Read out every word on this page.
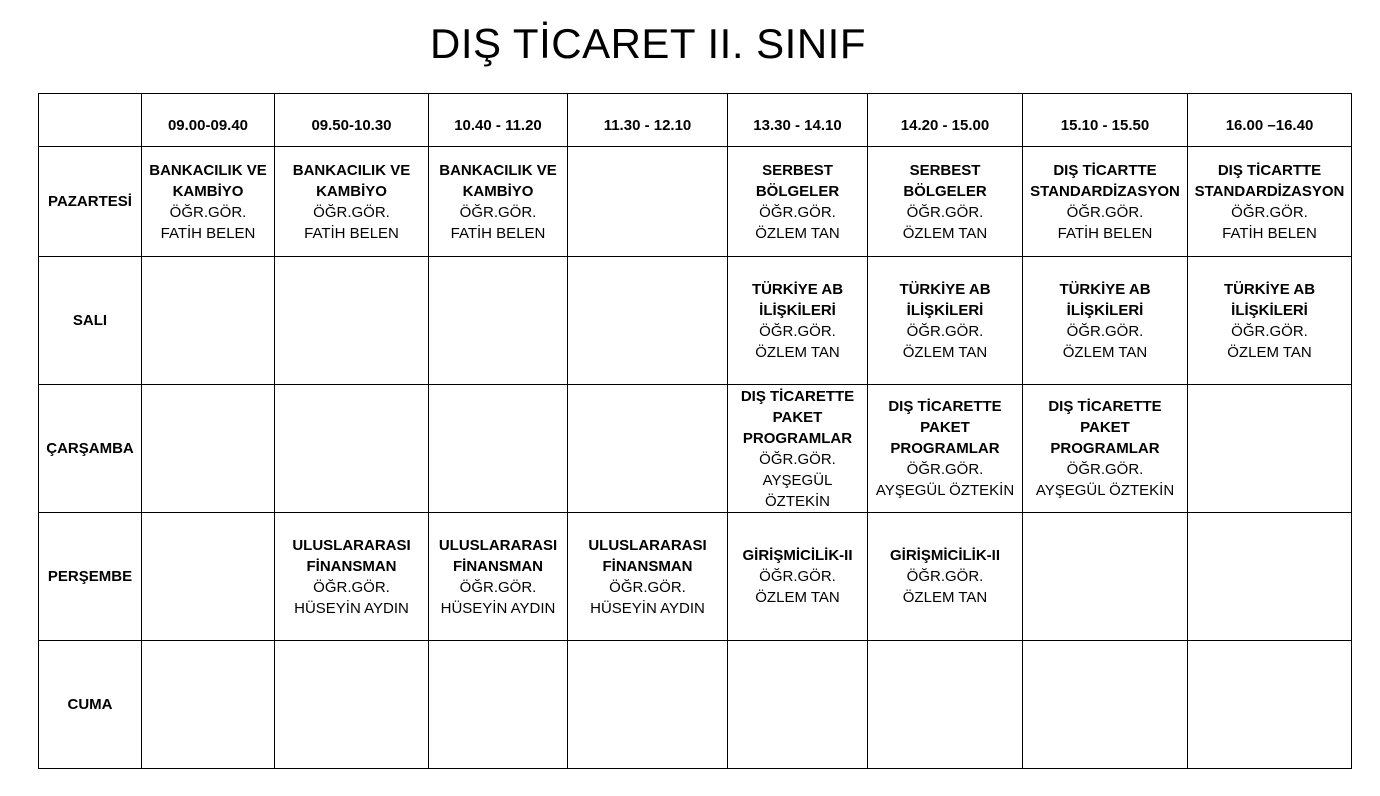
DIŞ TİCARET II. SINIF
	09.00-09.40	09.50-10.30	10.40 - 11.20	11.30 - 12.10	13.30 - 14.10	14.20 - 15.00	15.10 - 15.50	16.00 –16.40
PAZARTESİ	BANKACILIK VE KAMBİYO
ÖĞR.GÖR.
FATİH BELEN	BANKACILIK VE KAMBİYO
ÖĞR.GÖR.
FATİH BELEN	BANKACILIK VE KAMBİYO
ÖĞR.GÖR.
FATİH BELEN		SERBEST BÖLGELER
ÖĞR.GÖR.
ÖZLEM TAN	SERBEST BÖLGELER
ÖĞR.GÖR.
ÖZLEM TAN	DIŞ TİCARTTE STANDARDİZASYON
ÖĞR.GÖR.
FATİH BELEN	DIŞ TİCARTTE STANDARDİZASYON
ÖĞR.GÖR.
FATİH BELEN

SALI					TÜRKİYE AB İLİŞKİLERİ
ÖĞR.GÖR.
ÖZLEM TAN	TÜRKİYE AB İLİŞKİLERİ
ÖĞR.GÖR.
ÖZLEM TAN	TÜRKİYE AB İLİŞKİLERİ
ÖĞR.GÖR.
ÖZLEM TAN	TÜRKİYE AB İLİŞKİLERİ
ÖĞR.GÖR.
ÖZLEM TAN

ÇARŞAMBA					DIŞ TİCARETTE PAKET PROGRAMLAR
ÖĞR.GÖR.
AYŞEGÜL ÖZTEKİN	DIŞ TİCARETTE PAKET PROGRAMLAR
ÖĞR.GÖR.
AYŞEGÜL ÖZTEKİN	DIŞ TİCARETTE PAKET PROGRAMLAR
ÖĞR.GÖR.
AYŞEGÜL ÖZTEKİN	

PERŞEMBE		ULUSLARARASI FİNANSMAN
ÖĞR.GÖR.
HÜSEYİN AYDIN	ULUSLARARASI FİNANSMAN
ÖĞR.GÖR.
HÜSEYİN AYDIN	ULUSLARARASI FİNANSMAN
ÖĞR.GÖR.
HÜSEYİN AYDIN	GİRİŞMİCİLİK-II
ÖĞR.GÖR.
ÖZLEM TAN	GİRİŞMİCİLİK-II
ÖĞR.GÖR.
ÖZLEM TAN		

CUMA								
